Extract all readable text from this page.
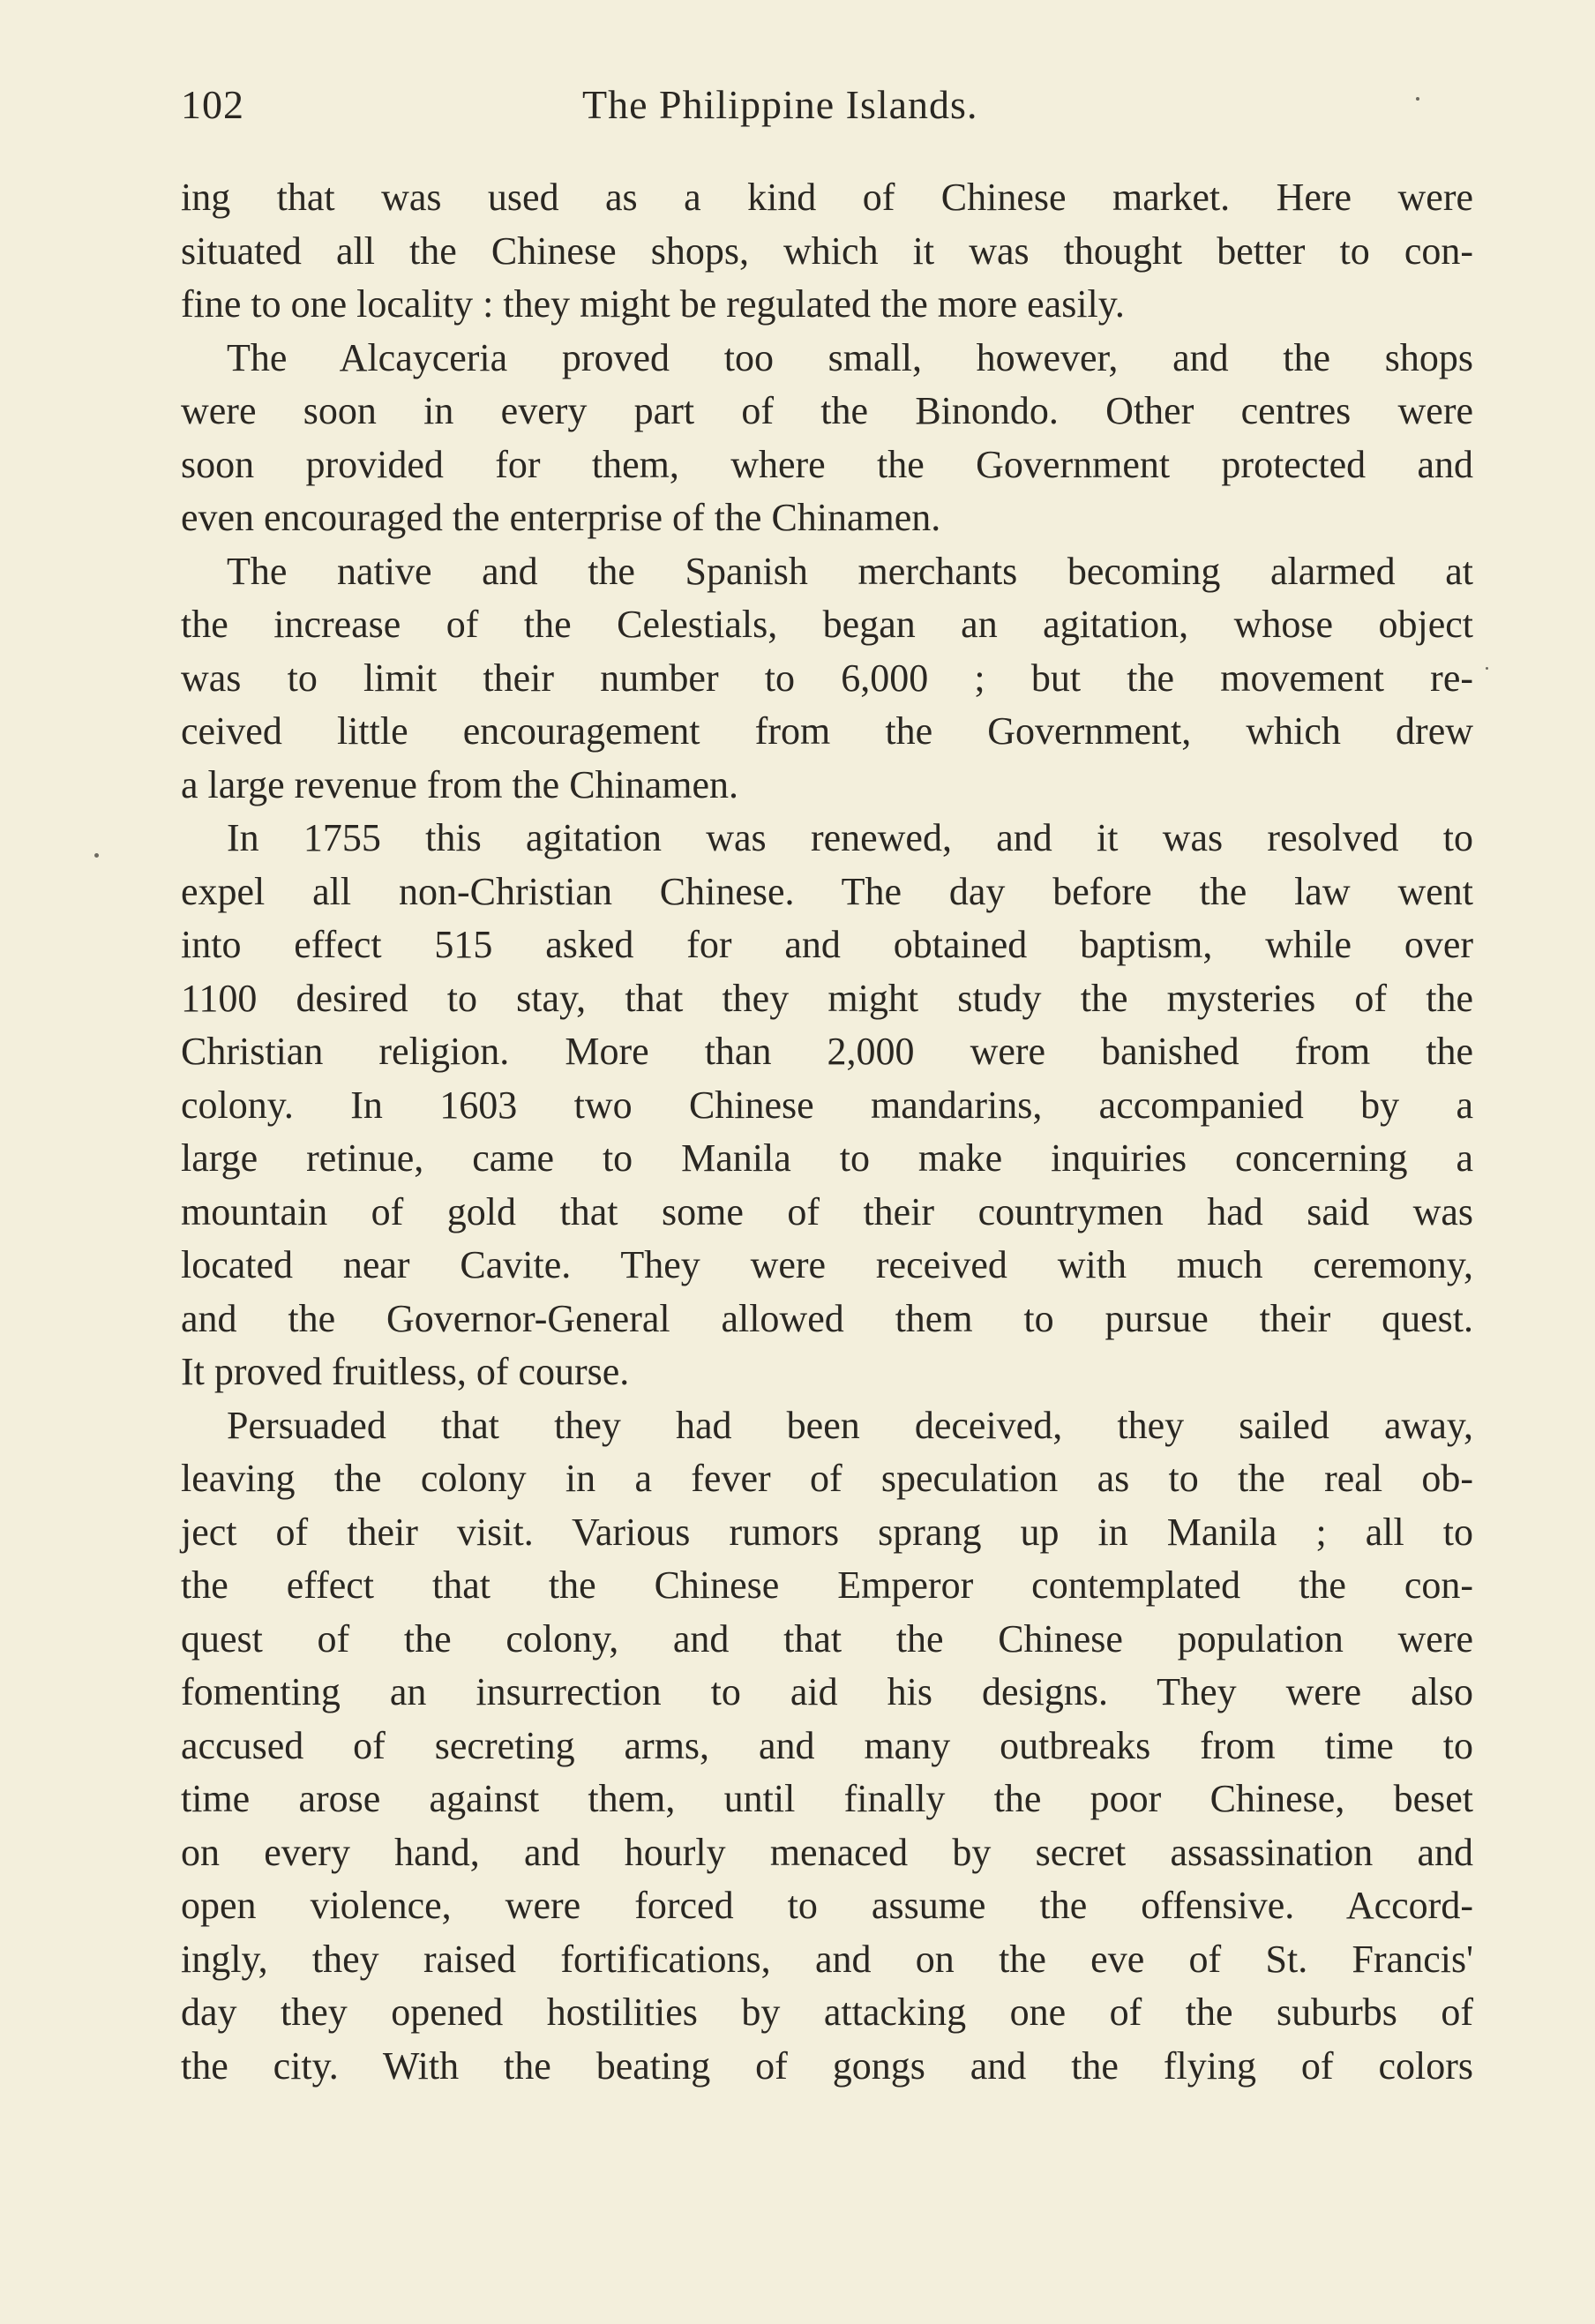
102	The Philippine Islands.
ing that was used as a kind of Chinese market. Here were
situated all the Chinese shops, which it was thought better to con-
fine to one locality : they might be regulated the more easily.
The Alcayceria proved too small, however, and the shops
were soon in every part of the Binondo. Other centres were
soon provided for them, where the Government protected and
even encouraged the enterprise of the Chinamen.
The native and the Spanish merchants becoming alarmed at
the increase of the Celestials, began an agitation, whose object
was to limit their number to 6,000 ; but the movement re-
ceived little encouragement from the Government, which drew
a large revenue from the Chinamen.
In 1755 this agitation was renewed, and it was resolved to
expel all non-Christian Chinese. The day before the law went
into effect 515 asked for and obtained baptism, while over
1100 desired to stay, that they might study the mysteries of the
Christian religion. More than 2,000 were banished from the
colony. In 1603 two Chinese mandarins, accompanied by a
large retinue, came to Manila to make inquiries concerning a
mountain of gold that some of their countrymen had said was
located near Cavite. They were received with much ceremony,
and the Governor-General allowed them to pursue their quest.
It proved fruitless, of course.
Persuaded that they had been deceived, they sailed away,
leaving the colony in a fever of speculation as to the real ob-
ject of their visit. Various rumors sprang up in Manila ; all to
the effect that the Chinese Emperor contemplated the con-
quest of the colony, and that the Chinese population were
fomenting an insurrection to aid his designs. They were also
accused of secreting arms, and many outbreaks from time to
time arose against them, until finally the poor Chinese, beset
on every hand, and hourly menaced by secret assassination and
open violence, were forced to assume the offensive. Accord-
ingly, they raised fortifications, and on the eve of St. Francis'
day they opened hostilities by attacking one of the suburbs of
the city. With the beating of gongs and the flying of colors
